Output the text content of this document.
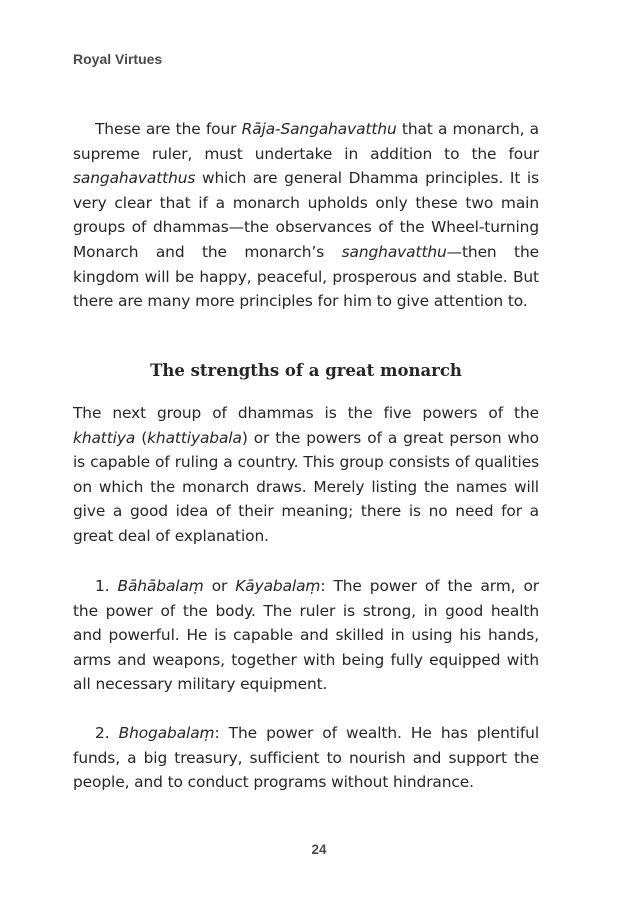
Royal Virtues

These are the four Rāja-Sangahavatthu that a monarch, a supreme ruler, must undertake in addition to the four sangahavatthus which are general Dhamma principles. It is very clear that if a monarch upholds only these two main groups of dhammas—the observances of the Wheel-turning Monarch and the monarch’s sanghavatthu—then the kingdom will be happy, peaceful, prosperous and stable. But there are many more principles for him to give attention to.

The strengths of a great monarch

The next group of dhammas is the five powers of the khattiya (khattiyabala) or the powers of a great person who is capable of ruling a country. This group consists of qualities on which the monarch draws. Merely listing the names will give a good idea of their meaning; there is no need for a great deal of explanation.

1. Bāhābalaṃ or Kāyabalaṃ: The power of the arm, or the power of the body. The ruler is strong, in good health and powerful. He is capable and skilled in using his hands, arms and weapons, together with being fully equipped with all necessary military equipment.

2. Bhogabalaṃ: The power of wealth. He has plentiful funds, a big treasury, sufficient to nourish and support the people, and to conduct programs without hindrance.

24
